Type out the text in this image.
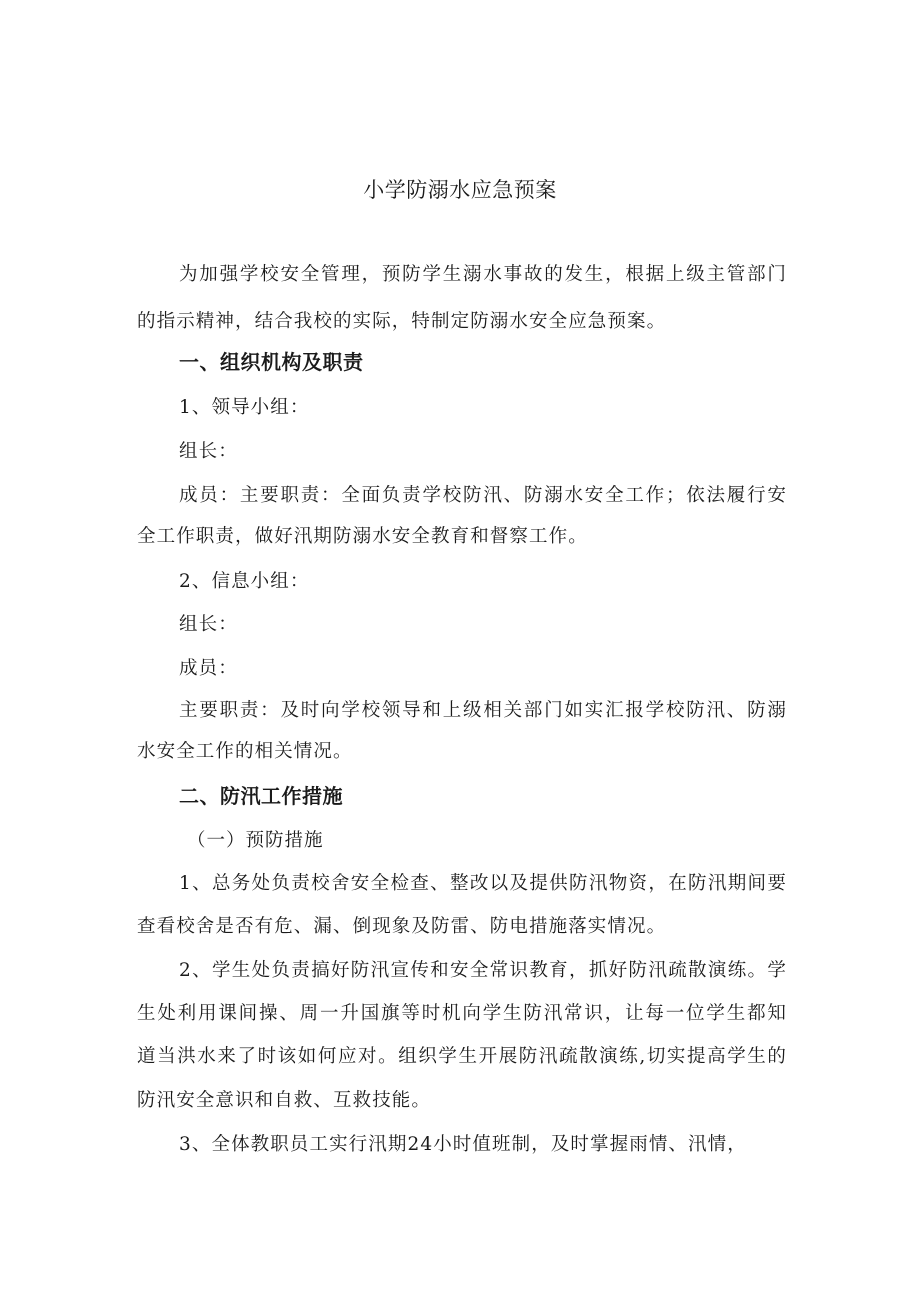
小学防溺水应急预案
为加强学校安全管理，预防学生溺水事故的发生，根据上级主管部门
的指示精神，结合我校的实际，特制定防溺水安全应急预案。
一、组织机构及职责
1、领导小组：
组长：
成员：主要职责：全面负责学校防汛、防溺水安全工作；依法履行安
全工作职责，做好汛期防溺水安全教育和督察工作。
2、信息小组：
组长：
成员：
主要职责：及时向学校领导和上级相关部门如实汇报学校防汛、防溺
水安全工作的相关情况。
二、防汛工作措施
（一）预防措施
1、总务处负责校舍安全检查、整改以及提供防汛物资，在防汛期间要
查看校舍是否有危、漏、倒现象及防雷、防电措施落实情况。
2、学生处负责搞好防汛宣传和安全常识教育，抓好防汛疏散演练。学
生处利用课间操、周一升国旗等时机向学生防汛常识，让每一位学生都知
道当洪水来了时该如何应对。组织学生开展防汛疏散演练,切实提高学生的
防汛安全意识和自救、互救技能。
3、全体教职员工实行汛期24小时值班制，及时掌握雨情、汛情，
